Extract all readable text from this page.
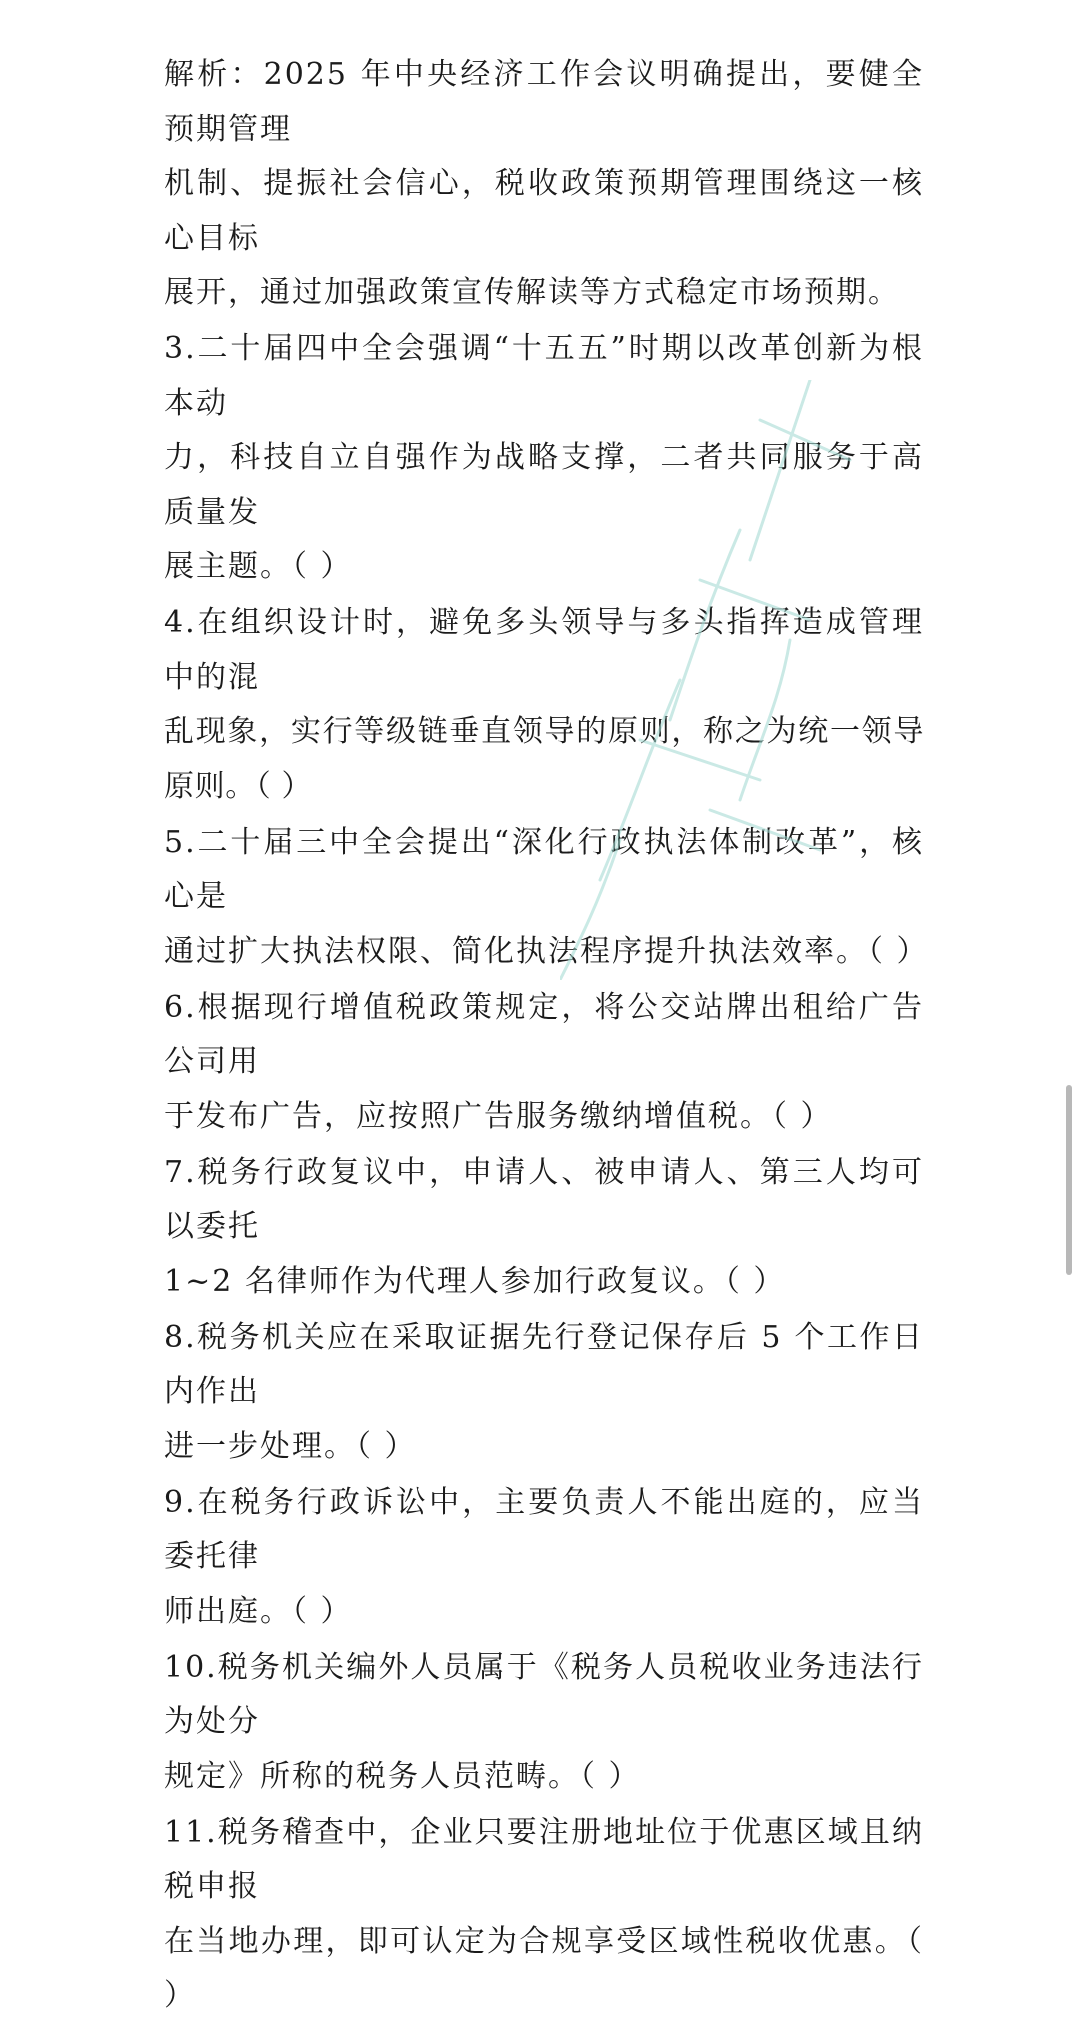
解析：2025 年中央经济工作会议明确提出，要健全预期管理

机制、提振社会信心，税收政策预期管理围绕这一核心目标

展开，通过加强政策宣传解读等方式稳定市场预期。

3.二十届四中全会强调“十五五”时期以改革创新为根本动

力，科技自立自强作为战略支撑，二者共同服务于高质量发

展主题。（ ）

4.在组织设计时，避免多头领导与多头指挥造成管理中的混

乱现象，实行等级链垂直领导的原则，称之为统一领导原则。（ ）

5.二十届三中全会提出“深化行政执法体制改革”，核心是

通过扩大执法权限、简化执法程序提升执法效率。（ ）

6.根据现行增值税政策规定，将公交站牌出租给广告公司用

于发布广告，应按照广告服务缴纳增值税。（ ）

7.税务行政复议中，申请人、被申请人、第三人均可以委托

1~2 名律师作为代理人参加行政复议。（ ）

8.税务机关应在采取证据先行登记保存后 5 个工作日内作出

进一步处理。（ ）

9.在税务行政诉讼中，主要负责人不能出庭的，应当委托律

师出庭。（ ）

10.税务机关编外人员属于《税务人员税收业务违法行为处分

规定》所称的税务人员范畴。（ ）

11.税务稽查中，企业只要注册地址位于优惠区域且纳税申报

在当地办理，即可认定为合规享受区域性税收优惠。（ ）
